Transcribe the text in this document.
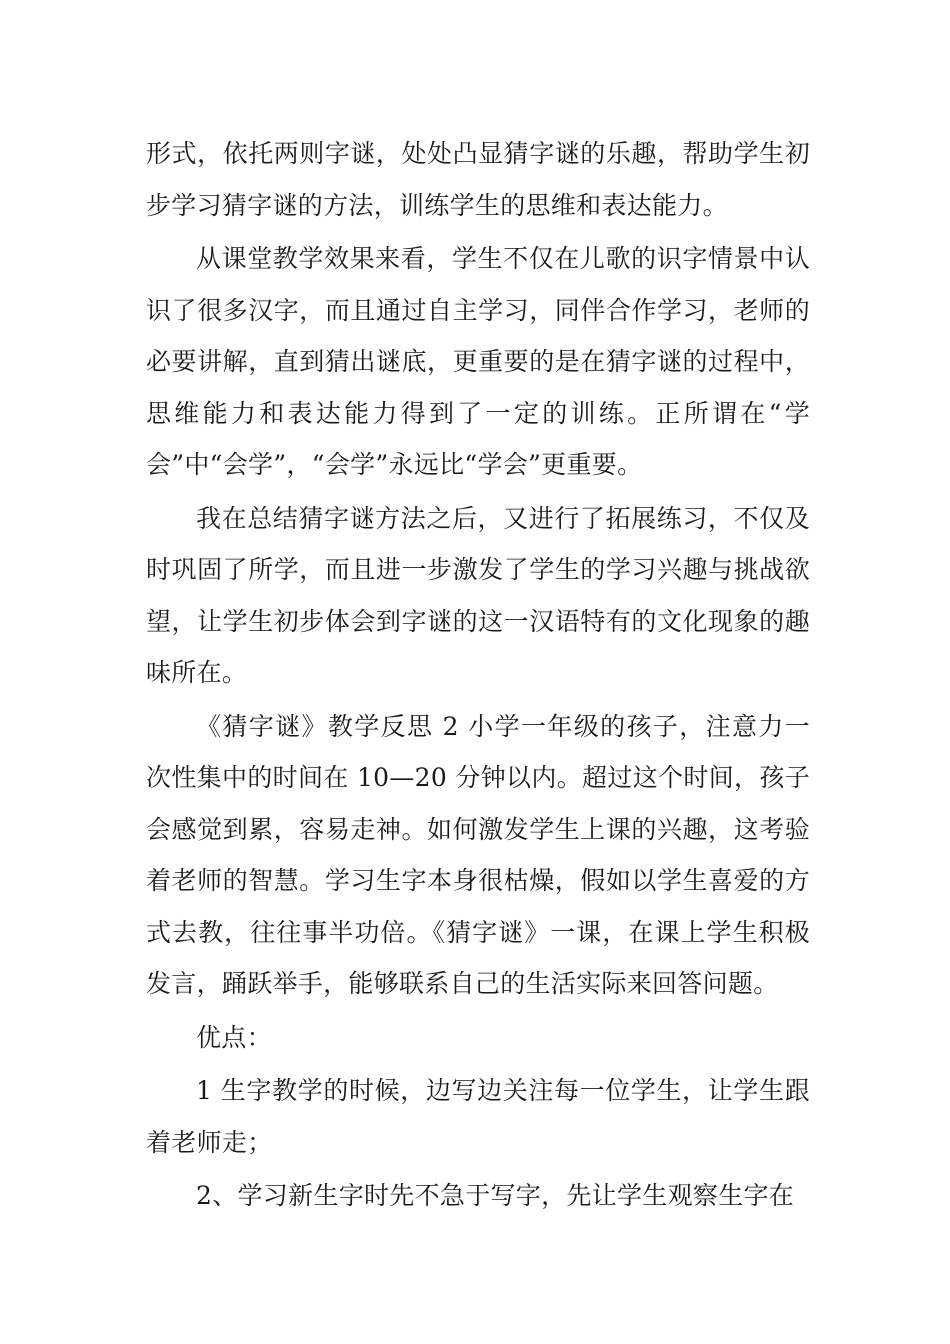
形式，依托两则字谜，处处凸显猜字谜的乐趣，帮助学生初步学习猜字谜的方法，训练学生的思维和表达能力。

从课堂教学效果来看，学生不仅在儿歌的识字情景中认识了很多汉字，而且通过自主学习，同伴合作学习，老师的必要讲解，直到猜出谜底，更重要的是在猜字谜的过程中，思维能力和表达能力得到了一定的训练。正所谓在“学会”中“会学”，“会学”永远比“学会”更重要。

我在总结猜字谜方法之后，又进行了拓展练习，不仅及时巩固了所学，而且进一步激发了学生的学习兴趣与挑战欲望，让学生初步体会到字谜的这一汉语特有的文化现象的趣味所在。

《猜字谜》教学反思 2 小学一年级的孩子，注意力一次性集中的时间在 10—20 分钟以内。超过这个时间，孩子会感觉到累，容易走神。如何激发学生上课的兴趣，这考验着老师的智慧。学习生字本身很枯燥，假如以学生喜爱的方式去教，往往事半功倍。《猜字谜》一课，在课上学生积极发言，踊跃举手，能够联系自己的生活实际来回答问题。

优点：

1 生字教学的时候，边写边关注每一位学生，让学生跟着老师走；

2、学习新生字时先不急于写字，先让学生观察生字在
